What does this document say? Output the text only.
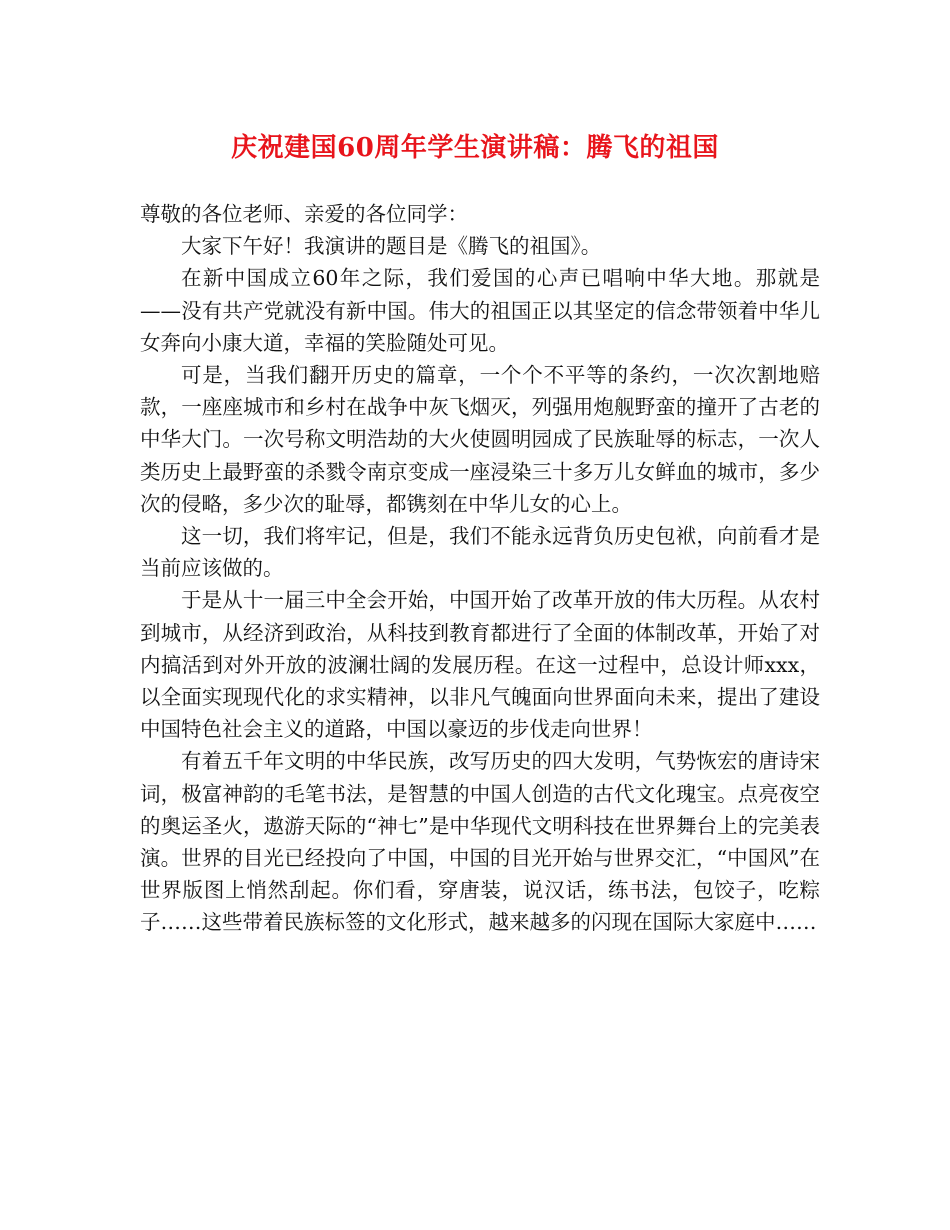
庆祝建国60周年学生演讲稿：腾飞的祖国

尊敬的各位老师、亲爱的各位同学：

大家下午好！我演讲的题目是《腾飞的祖国》。

在新中国成立60年之际，我们爱国的心声已唱响中华大地。那就是——没有共产党就没有新中国。伟大的祖国正以其坚定的信念带领着中华儿女奔向小康大道，幸福的笑脸随处可见。

可是，当我们翻开历史的篇章，一个个不平等的条约，一次次割地赔款，一座座城市和乡村在战争中灰飞烟灭，列强用炮舰野蛮的撞开了古老的中华大门。一次号称文明浩劫的大火使圆明园成了民族耻辱的标志，一次人类历史上最野蛮的杀戮令南京变成一座浸染三十多万儿女鲜血的城市，多少次的侵略，多少次的耻辱，都镌刻在中华儿女的心上。

这一切，我们将牢记，但是，我们不能永远背负历史包袱，向前看才是当前应该做的。

于是从十一届三中全会开始，中国开始了改革开放的伟大历程。从农村到城市，从经济到政治，从科技到教育都进行了全面的体制改革，开始了对内搞活到对外开放的波澜壮阔的发展历程。在这一过程中，总设计师xxx，以全面实现现代化的求实精神，以非凡气魄面向世界面向未来，提出了建设中国特色社会主义的道路，中国以豪迈的步伐走向世界！

有着五千年文明的中华民族，改写历史的四大发明，气势恢宏的唐诗宋词，极富神韵的毛笔书法，是智慧的中国人创造的古代文化瑰宝。点亮夜空的奥运圣火，遨游天际的“神七”是中华现代文明科技在世界舞台上的完美表演。世界的目光已经投向了中国，中国的目光开始与世界交汇，“中国风”在世界版图上悄然刮起。你们看，穿唐装，说汉话，练书法，包饺子，吃粽子……这些带着民族标签的文化形式，越来越多的闪现在国际大家庭中……
